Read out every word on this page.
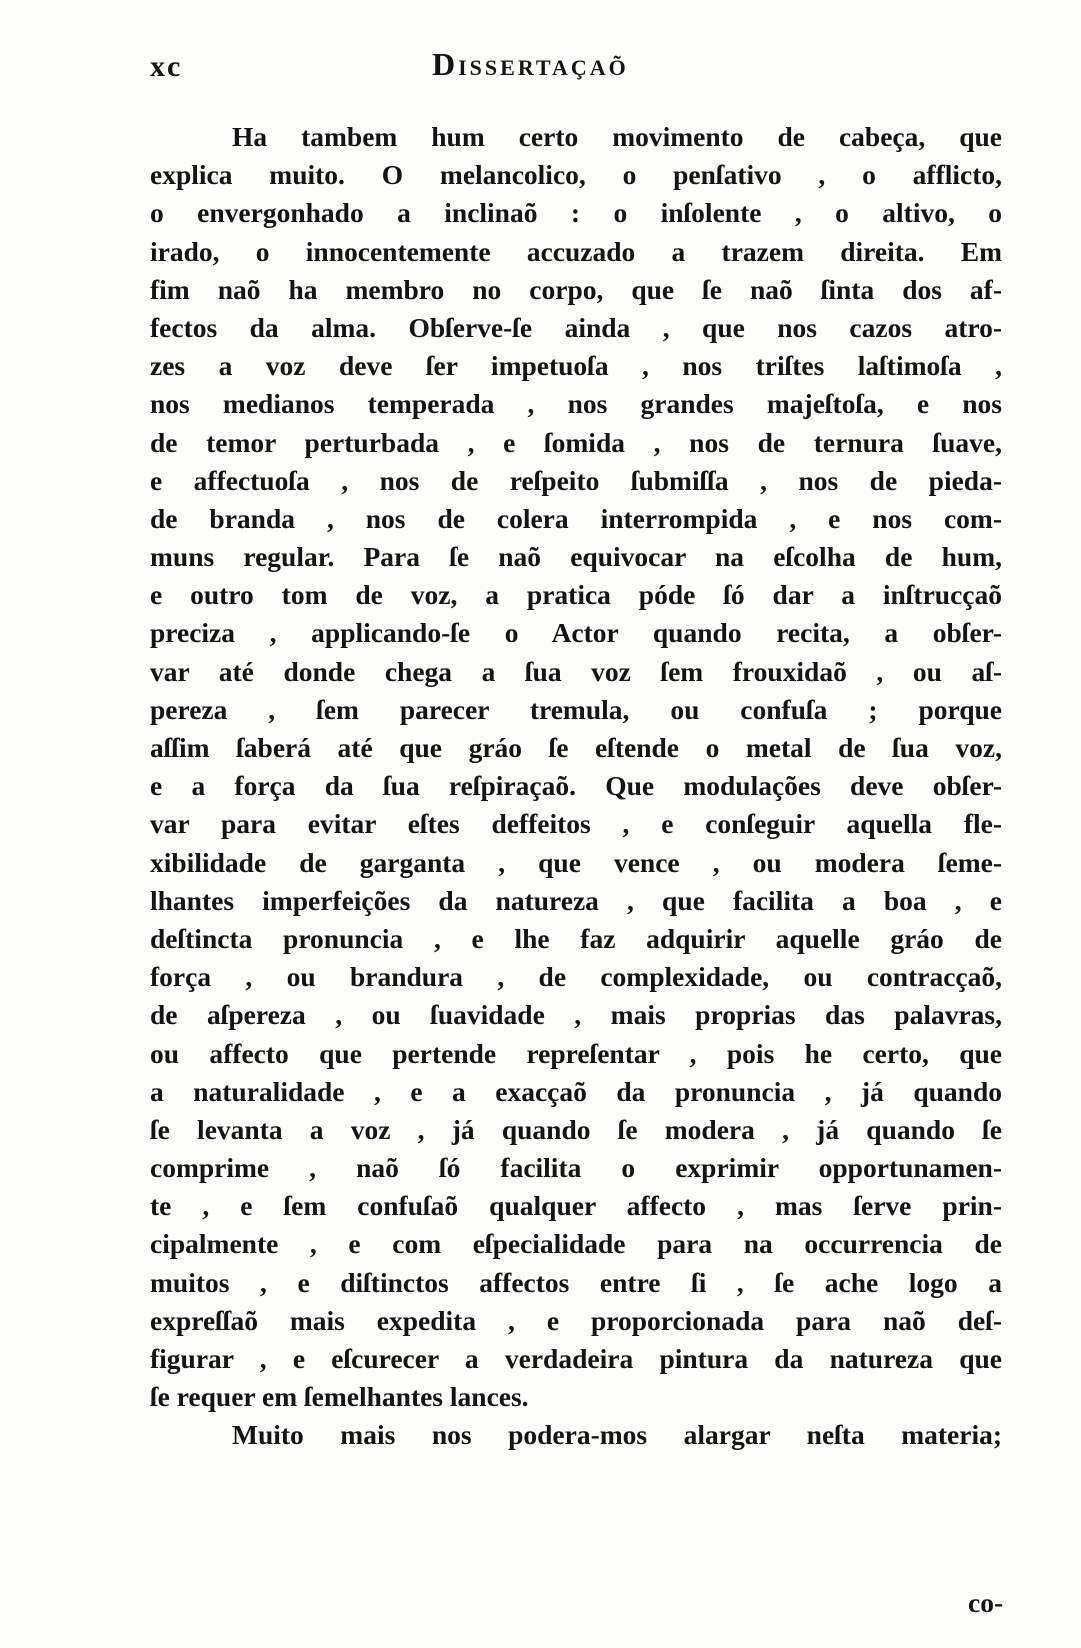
xc	Dissertaçaõ
Ha tambem hum certo movimento de cabeça, que
explica muito. O melancolico, o penſativo , o afflicto,
o envergonhado a inclinaõ : o inſolente , o altivo, o
irado, o innocentemente accuzado a trazem direita. Em
fim naõ ha membro no corpo, que ſe naõ ſinta dos af-
fectos da alma. Obſerve-ſe ainda , que nos cazos atro-
zes a voz deve ſer impetuoſa , nos triſtes laſtimoſa ,
nos medianos temperada , nos grandes majeſtoſa, e nos
de temor perturbada , e ſomida , nos de ternura ſuave,
e affectuoſa , nos de reſpeito ſubmiſſa , nos de pieda-
de branda , nos de colera interrompida , e nos com-
muns regular. Para ſe naõ equivocar na eſcolha de hum,
e outro tom de voz, a pratica póde ſó dar a inſtrucçaõ
preciza , applicando-ſe o Actor quando recita, a obſer-
var até donde chega a ſua voz ſem frouxidaõ , ou aſ-
pereza , ſem parecer tremula, ou confuſa ; porque
aſſim ſaberá até que gráo ſe eſtende o metal de ſua voz,
e a força da ſua reſpiraçaõ. Que modulações deve obſer-
var para evitar eſtes deffeitos , e conſeguir aquella fle-
xibilidade de garganta , que vence , ou modera ſeme-
lhantes imperfeições da natureza , que facilita a boa , e
deſtincta pronuncia , e lhe faz adquirir aquelle gráo de
força , ou brandura , de complexidade, ou contracçaõ,
de aſpereza , ou ſuavidade , mais proprias das palavras,
ou affecto que pertende repreſentar , pois he certo, que
a naturalidade , e a exacçaõ da pronuncia , já quando
ſe levanta a voz , já quando ſe modera , já quando ſe
comprime , naõ ſó facilita o exprimir opportunamen-
te , e ſem confuſaõ qualquer affecto , mas ſerve prin-
cipalmente , e com eſpecialidade para na occurrencia de
muitos , e diſtinctos affectos entre ſi , ſe ache logo a
expreſſaõ mais expedita , e proporcionada para naõ deſ-
figurar , e eſcurecer a verdadeira pintura da natureza que
ſe requer em ſemelhantes lances.
Muito mais nos podera-mos alargar neſta materia;
co-
